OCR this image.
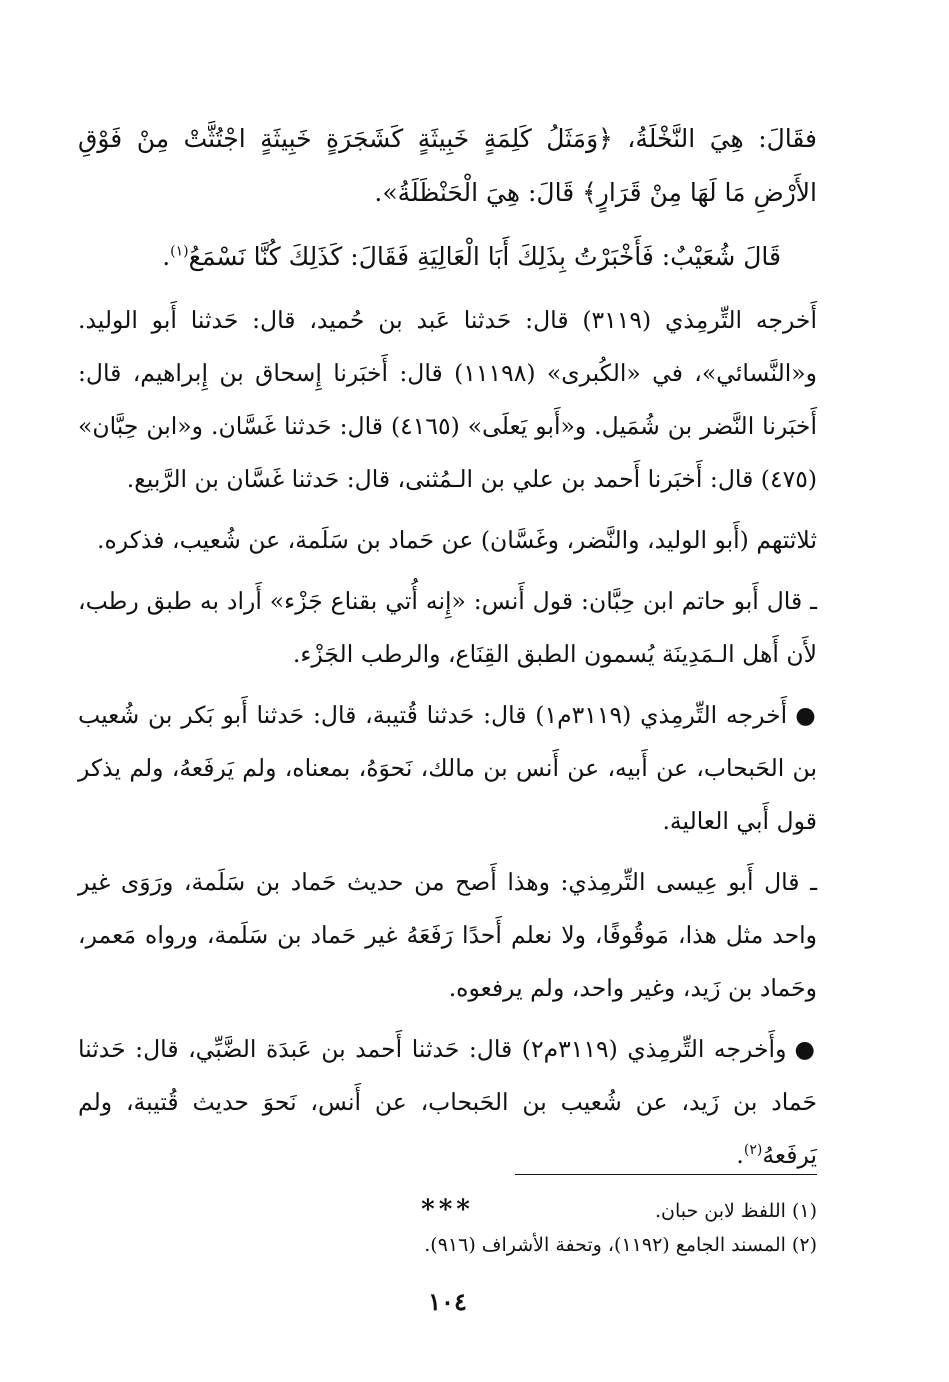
فقَالَ: هِيَ النَّخْلَةُ، ﴿وَمَثَلُ كَلِمَةٍ خَبِيثَةٍ كَشَجَرَةٍ خَبِيثَةٍ اجْتُثَّتْ مِنْ فَوْقِ الأَرْضِ مَا لَهَا مِنْ قَرَارٍ﴾ قَالَ: هِيَ الْحَنْظَلَةُ».

قَالَ شُعَيْبٌ: فَأَخْبَرْتُ بِذَلِكَ أَبَا الْعَالِيَةِ فَقَالَ: كَذَلِكَ كُنَّا نَسْمَعُ$^{(١)}$.

أَخرجه التِّرمِذي (٣١١٩) قال: حَدثنا عَبد بن حُميد، قال: حَدثنا أَبو الوليد. و«النَّسائي»، في «الكُبرى» (١١١٩٨) قال: أَخبَرنا إِسحاق بن إِبراهيم، قال: أَخبَرنا النَّضر بن شُمَيل. و«أَبو يَعلَى» (٤١٦٥) قال: حَدثنا غَسَّان. و«ابن حِبَّان» (٤٧٥) قال: أَخبَرنا أَحمد بن علي بن الـمُثنى، قال: حَدثنا غَسَّان بن الرَّبيع.

ثلاثتهم (أَبو الوليد، والنَّضر، وغَسَّان) عن حَماد بن سَلَمة، عن شُعيب، فذكره.

ـ قال أَبو حاتم ابن حِبَّان: قول أَنس: «إِنه أُتي بقناع جَزْء» أَراد به طبق رطب، لأَن أَهل الـمَدِينَة يُسمون الطبق القِنَاع، والرطب الجَزْء.

●أَخرجه التِّرمِذي (٣١١٩م١) قال: حَدثنا قُتيبة، قال: حَدثنا أَبو بَكر بن شُعيب بن الحَبحاب، عن أَبيه، عن أَنس بن مالك، نَحوَهُ، بمعناه، ولم يَرفَعهُ، ولم يذكر قول أَبي العالية.

ـ قال أَبو عِيسى التِّرمِذي: وهذا أَصح من حديث حَماد بن سَلَمة، ورَوَى غير واحد مثل هذا، مَوقُوفًا، ولا نعلم أَحدًا رَفَعَهُ غير حَماد بن سَلَمة، ورواه مَعمر، وحَماد بن زَيد، وغير واحد، ولم يرفعوه.

●وأَخرجه التِّرمِذي (٣١١٩م٢) قال: حَدثنا أَحمد بن عَبدَة الضَّبِّي، قال: حَدثنا حَماد بن زَيد، عن شُعيب بن الحَبحاب، عن أَنس، نَحوَ حديث قُتيبة، ولم يَرفَعهُ$^{(٢)}$.

***	(١) اللفظ لابن حبان.
(٢) المسند الجامع (١١٩٢)، وتحفة الأشراف (٩١٦).
١٠٤
